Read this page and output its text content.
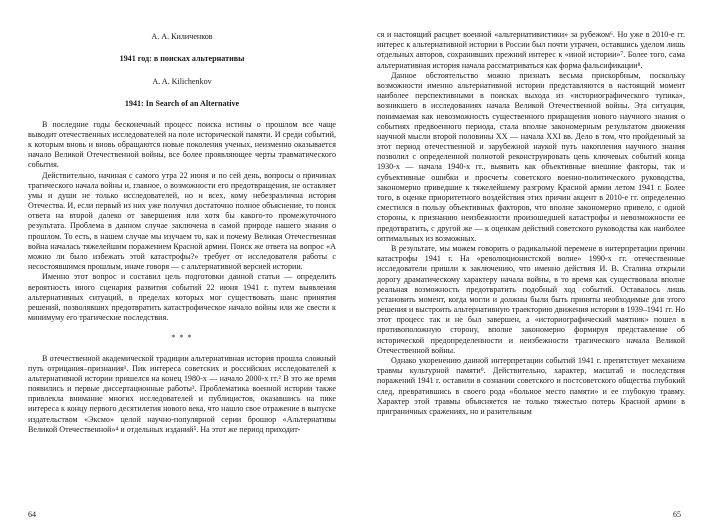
А. А. Киличенков
1941 год: в поисках альтернативы
A. A. Kilichenkov
1941: In Search of an Alternative

В последние годы бесконечный процесс поиска истины о прошлом все чаще выводит отечественных исследователей на поле исторической памяти. И среди событий, к которым вновь и вновь обращаются новые поколения ученых, неизменно оказывается начало Великой Отечественной войны, все более проявляющее черты травматического события.

Действительно, начиная с самого утра 22 июня и по сей день, вопросы о причинах трагического начала войны и, главное, о возможности его предотвращения, не оставляет умы и души не только исследователей, но и всех, кому небезразлична история Отечества. И, если первый из них уже получил достаточно полное объяснение, то поиск ответа на второй далеко от завершения или хотя бы какого-то промежуточного результата. Проблема в данном случае заключена в самой природе нашего знания о прошлом. То есть, в нашем случае мы изучаем то, как и почему Великая Отечественная война началась тяжелейшим поражением Красной армии. Поиск же ответа на вопрос «А можно ли было избежать этой катастрофы?» требует от исследователя работы с несостоявшимся прошлым, иначе говоря — с альтернативной версией истории.

Именно этот вопрос и составил цель подготовки данной статьи — определить вероятность иного сценария развития событий 22 июня 1941 г. путем выявления альтернативных ситуаций, в пределах которых мог существовать шанс принятия решений, позволявших предотвратить катастрофическое начало войны или же свести к минимуму его трагические последствия.

* * *

В отечественной академической традиции альтернативная история прошла сложный путь отрицания–признания¹. Пик интереса советских и российских исследователей к альтернативной истории пришелся на конец 1980-х — начало 2000-х гг.² В это же время появились и первые диссертационные работы³. Проблематика военной истории также привлекла внимание многих исследователей и публицистов, оказавшись на пике интереса к концу первого десятилетия нового века, что нашло свое отражение в выпуске издательством «Эксмо» целой научно-популярной серии брошюр «Альтернативы Великой Отечественной»⁴ и отдельных изданий⁵. На этот же период приходит-

64

ся и настоящий расцвет военной «альтернативистики» за рубежом⁶. Но уже в 2010-е гг. интерес к альтернативной истории в России был почти утрачен, оставшись уделом лишь отдельных авторов, сохранивших прежний интерес к «иной истории»⁷. Более того, сама альтернативная история начала рассматриваться как форма фальсификации⁸.

Данное обстоятельство можно признать весьма прискорбным, поскольку возможности именно альтернативной истории представляются в настоящий момент наиболее перспективными в поисках выхода из «историографического тупика», возникшего в исследованиях начала Великой Отечественной войны. Эта ситуация, понимаемая как невозможность существенного приращения нового научного знания о событиях предвоенного периода, стала вполне закономерным результатом движения научной мысли второй половины XX — начала XXI вв. Дело в том, что пройденный за этот период отечественной и зарубежной наукой путь накопления научного знания позволил с определенной полнотой реконструировать цепь ключевых событий конца 1930-х — начала 1940-х гг., выявить как объективные внешние факторы, так и субъективные ошибки и просчеты советского военно-политического руководства, закономерно приведшие к тяжелейшему разгрому Красной армии летом 1941 г. Более того, в оценке приоритетного воздействия этих причин акцент в 2010-е гг. определенно сместился в пользу объективных факторов, что вполне закономерно привело, с одной стороны, к признанию неизбежности произошедшей катастрофы и невозможности ее предотвратить, с другой же — к оценкам действий советского руководства как наиболее оптимальных из возможных.

В результате, мы можем говорить о радикальной перемене в интерпретации причин катастрофы 1941 г. На «революционистской волне» 1990-х гг. отечественные исследователи пришли к заключению, что именно действия И. В. Сталина открыли дорогу драматическому характеру начала войны, в то время как существовала вполне реальная возможность предотвратить подобный ход событий. Оставалось лишь установить момент, когда могли и должны были быть приняты необходимые для этого решения и выстроить альтернативную траекторию движения истории в 1939–1941 гг. Но этот процесс так и не был завершен, а «историографический маятник» пошел в противоположную сторону, вполне закономерно формируя представление об исторической предопределенности и неизбежности трагического начала Великой Отечественной войны.

Однако укоренению данной интерпретации событий 1941 г. препятствует механизм травмы культурной памяти⁹. Действительно, характер, масштаб и последствия поражений 1941 г. оставили в сознании советского и постсоветского общества глубокий след, превратившись в своего рода «больное место памяти» и ее глубокую травму. Характер этой травмы объясняется не только тяжестью потерь Красной армии в приграничных сражениях, но и разительным

65
